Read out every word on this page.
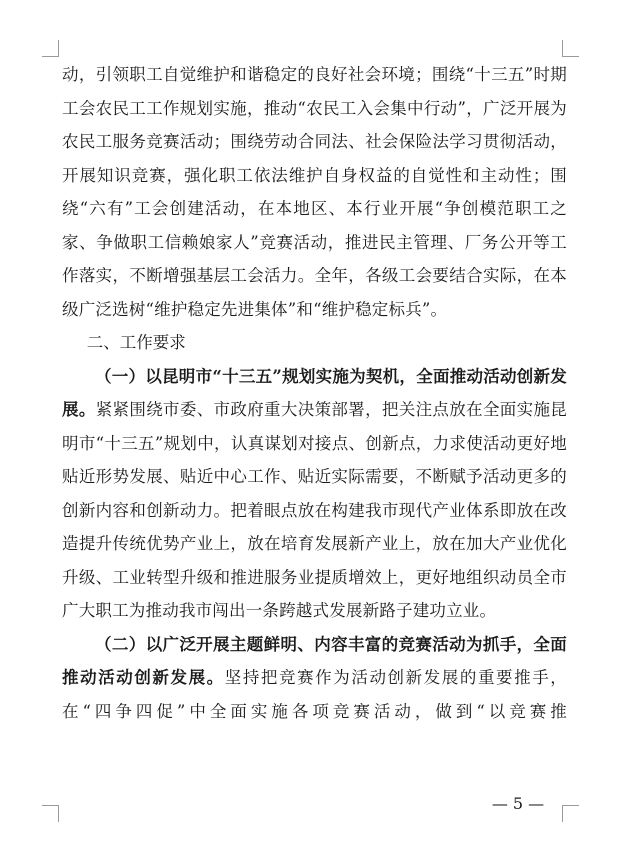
动，引领职工自觉维护和谐稳定的良好社会环境；围绕“十三五”时期工会农民工工作规划实施，推动“农民工入会集中行动”，广泛开展为农民工服务竞赛活动；围绕劳动合同法、社会保险法学习贯彻活动，开展知识竞赛，强化职工依法维护自身权益的自觉性和主动性；围绕“六有”工会创建活动，在本地区、本行业开展“争创模范职工之家、争做职工信赖娘家人”竞赛活动，推进民主管理、厂务公开等工作落实，不断增强基层工会活力。全年，各级工会要结合实际，在本级广泛选树“维护稳定先进集体”和“维护稳定标兵”。

二、工作要求

（一）以昆明市“十三五”规划实施为契机，全面推动活动创新发展。紧紧围绕市委、市政府重大决策部署，把关注点放在全面实施昆明市“十三五”规划中，认真谋划对接点、创新点，力求使活动更好地贴近形势发展、贴近中心工作、贴近实际需要，不断赋予活动更多的创新内容和创新动力。把着眼点放在构建我市现代产业体系即放在改造提升传统优势产业上，放在培育发展新产业上，放在加大产业优化升级、工业转型升级和推进服务业提质增效上，更好地组织动员全市广大职工为推动我市闯出一条跨越式发展新路子建功立业。

（二）以广泛开展主题鲜明、内容丰富的竞赛活动为抓手，全面推动活动创新发展。坚持把竞赛作为活动创新发展的重要推手，在“四争四促”中全面实施各项竞赛活动，做到“以竞赛推

— 5 —
